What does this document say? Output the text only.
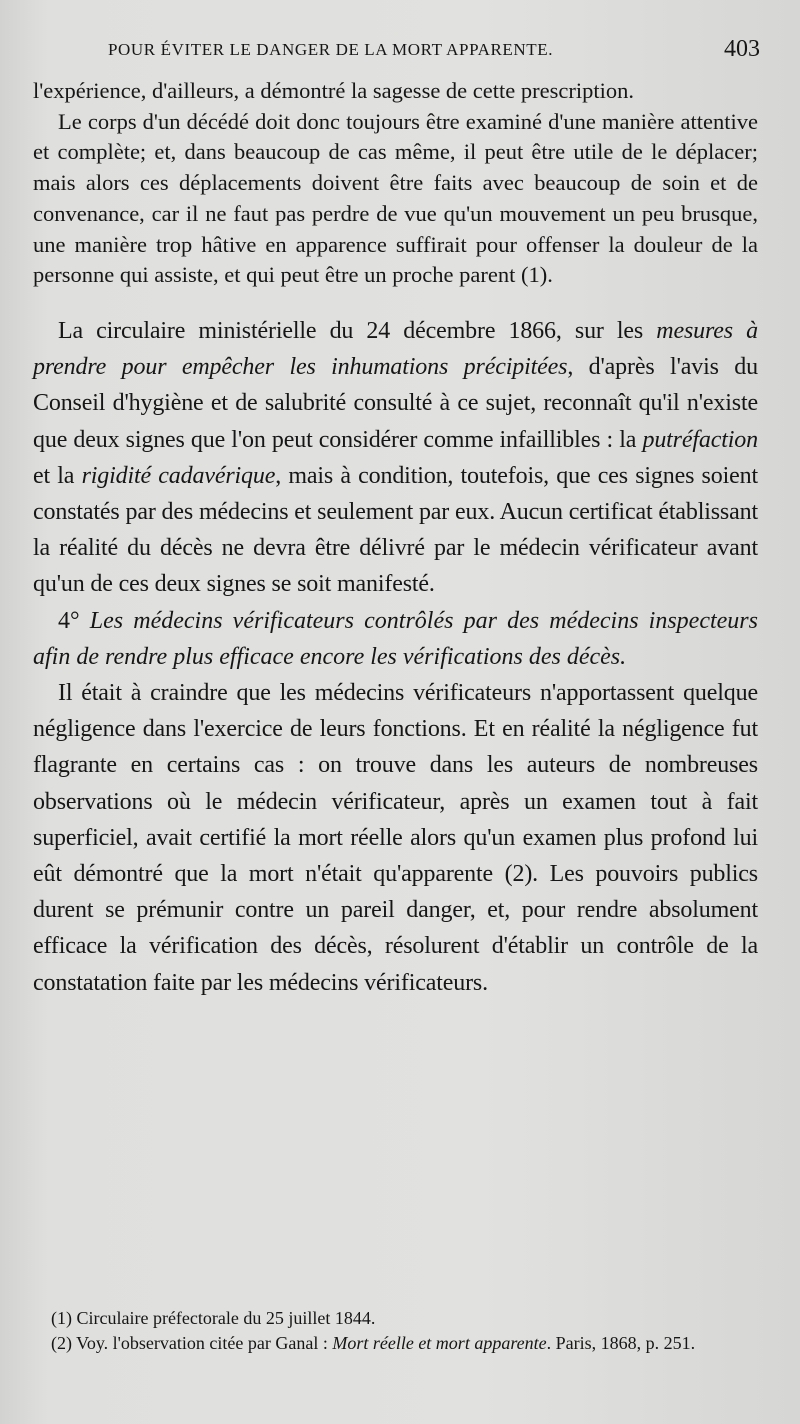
POUR ÉVITER LE DANGER DE LA MORT APPARENTE.	403

l'expérience, d'ailleurs, a démontré la sagesse de cette prescription.

Le corps d'un décédé doit donc toujours être examiné d'une manière attentive et complète; et, dans beaucoup de cas même, il peut être utile de le déplacer; mais alors ces déplacements doivent être faits avec beaucoup de soin et de convenance, car il ne faut pas perdre de vue qu'un mouvement un peu brusque, une manière trop hâtive en apparence suffirait pour offenser la douleur de la personne qui assiste, et qui peut être un proche parent (1).

La circulaire ministérielle du 24 décembre 1866, sur les mesures à prendre pour empêcher les inhumations précipitées, d'après l'avis du Conseil d'hygiène et de salubrité consulté à ce sujet, reconnaît qu'il n'existe que deux signes que l'on peut considérer comme infaillibles : la putréfaction et la rigidité cadavérique, mais à condition, toutefois, que ces signes soient constatés par des médecins et seulement par eux. Aucun certificat établissant la réalité du décès ne devra être délivré par le médecin vérificateur avant qu'un de ces deux signes se soit manifesté.

4° Les médecins vérificateurs contrôlés par des médecins inspecteurs afin de rendre plus efficace encore les vérifications des décès.

Il était à craindre que les médecins vérificateurs n'apportassent quelque négligence dans l'exercice de leurs fonctions. Et en réalité la négligence fut flagrante en certains cas : on trouve dans les auteurs de nombreuses observations où le médecin vérificateur, après un examen tout à fait superficiel, avait certifié la mort réelle alors qu'un examen plus profond lui eût démontré que la mort n'était qu'apparente (2). Les pouvoirs publics durent se prémunir contre un pareil danger, et, pour rendre absolument efficace la vérification des décès, résolurent d'établir un contrôle de la constatation faite par les médecins vérificateurs.

(1) Circulaire préfectorale du 25 juillet 1844.

(2) Voy. l'observation citée par Ganal : Mort réelle et mort apparente. Paris, 1868, p. 251.
